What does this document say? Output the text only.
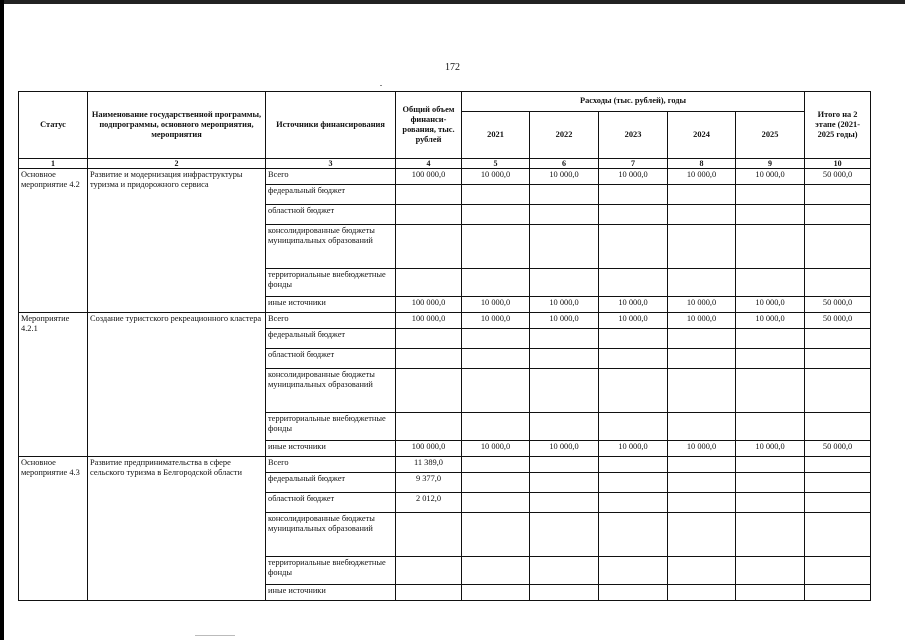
172
Статус	Наименование государственной программы, подпрограммы, основного мероприятия, мероприятия	Источники финансирования	Общий объем финанси-рования, тыс. рублей	Расходы (тыс. рублей), годы					Итого на 2 этапе (2021-2025 годы)
				2021	2022	2023	2024	2025	
1	2	3	4	5	6	7	8	9	10
Основное мероприятие 4.2	Развитие и модернизация инфраструктуры туризма и придорожного сервиса	Всего	100 000,0	10 000,0	10 000,0	10 000,0	10 000,0	10 000,0	50 000,0
		федеральный бюджет							
		областной бюджет							
		консолидированные бюджеты муниципальных образований							
		территориальные внебюджетные фонды							
		иные источники	100 000,0	10 000,0	10 000,0	10 000,0	10 000,0	10 000,0	50 000,0
Мероприятие 4.2.1	Создание туристского рекреационного кластера	Всего	100 000,0	10 000,0	10 000,0	10 000,0	10 000,0	10 000,0	50 000,0
		федеральный бюджет							
		областной бюджет							
		консолидированные бюджеты муниципальных образований							
		территориальные внебюджетные фонды							
		иные источники	100 000,0	10 000,0	10 000,0	10 000,0	10 000,0	10 000,0	50 000,0
Основное мероприятие 4.3	Развитие предпринимательства в сфере сельского туризма в Белгородской области	Всего	11 389,0						
		федеральный бюджет	9 377,0						
		областной бюджет	2 012,0						
		консолидированные бюджеты муниципальных образований							
		территориальные внебюджетные фонды							
		иные источники							
